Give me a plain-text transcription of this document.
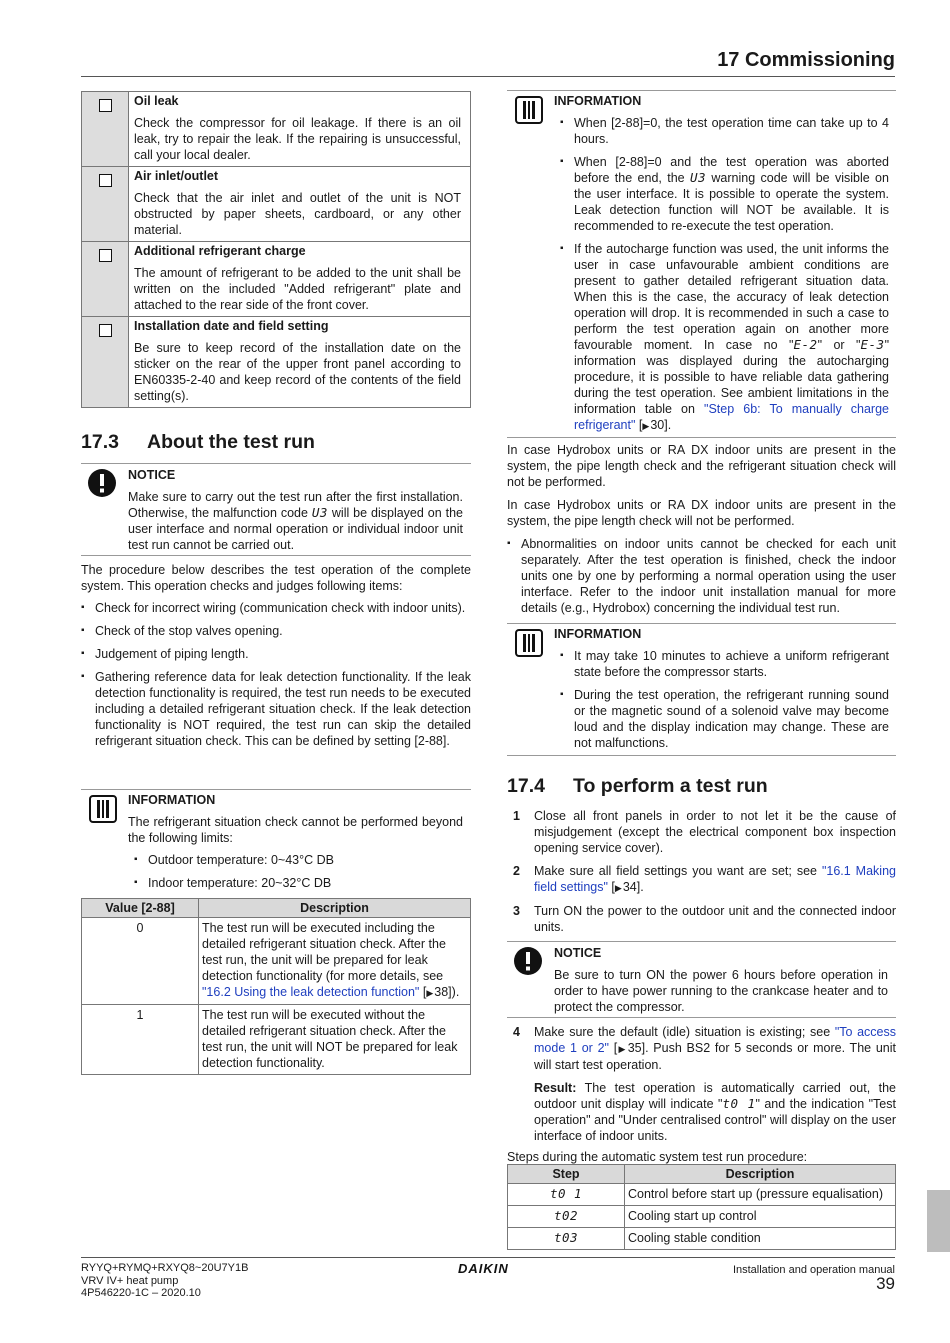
17 Commissioning

	Oil leak
Check the compressor for oil leakage. If there is an oil leak, try to repair the leak. If the repairing is unsuccessful, call your local dealer.

	Air inlet/outlet
Check that the air inlet and outlet of the unit is NOT obstructed by paper sheets, cardboard, or any other material.

	Additional refrigerant charge
The amount of refrigerant to be added to the unit shall be written on the included "Added refrigerant" plate and attached to the rear side of the front cover.

	Installation date and field setting
Be sure to keep record of the installation date on the sticker on the rear of the upper front panel according to EN60335-2-40 and keep record of the contents of the field setting(s).
17.3 About the test run
NOTICE

Make sure to carry out the test run after the first installation. Otherwise, the malfunction code U3 will be displayed on the user interface and normal operation or individual indoor unit test run cannot be carried out.

The procedure below describes the test operation of the complete system. This operation checks and judges following items:

▪ Check for incorrect wiring (communication check with indoor units).
▪ Check of the stop valves opening.
▪ Judgement of piping length.
▪ Gathering reference data for leak detection functionality. If the leak detection functionality is required, the test run needs to be executed including a detailed refrigerant situation check. If the leak detection functionality is NOT required, the test run can skip the detailed refrigerant situation check. This can be defined by setting [2-88].
INFORMATION

The refrigerant situation check cannot be performed beyond the following limits:

▪ Outdoor temperature: 0~43°C DB
▪ Indoor temperature: 20~32°C DB
Value [2-88]	Description
0	The test run will be executed including the detailed refrigerant situation check. After the test run, the unit will be prepared for leak detection functionality (for more details, see "16.2 Using the leak detection function" [▶ 38]).
1	The test run will be executed without the detailed refrigerant situation check. After the test run, the unit will NOT be prepared for leak detection functionality.
INFORMATION
▪ When [2-88]=0, the test operation time can take up to 4 hours.
▪ When [2-88]=0 and the test operation was aborted before the end, the U3 warning code will be visible on the user interface. It is possible to operate the system. Leak detection function will NOT be available. It is recommended to re-execute the test operation.
▪ If the autocharge function was used, the unit informs the user in case unfavourable ambient conditions are present to gather detailed refrigerant situation data. When this is the case, the accuracy of leak detection operation will drop. It is recommended in such a case to perform the test operation again on another more favourable moment. In case no "E-2" or "E-3" information was displayed during the autocharging procedure, it is possible to have reliable data gathering during the test operation. See ambient limitations in the information table on "Step 6b: To manually charge refrigerant" [▶ 30].

In case Hydrobox units or RA DX indoor units are present in the system, the pipe length check and the refrigerant situation check will not be performed.

In case Hydrobox units or RA DX indoor units are present in the system, the pipe length check will not be performed.

▪ Abnormalities on indoor units cannot be checked for each unit separately. After the test operation is finished, check the indoor units one by one by performing a normal operation using the user interface. Refer to the indoor unit installation manual for more details (e.g., Hydrobox) concerning the individual test run.
INFORMATION
▪ It may take 10 minutes to achieve a uniform refrigerant state before the compressor starts.
▪ During the test operation, the refrigerant running sound or the magnetic sound of a solenoid valve may become loud and the display indication may change. These are not malfunctions.
17.4 To perform a test run
1 Close all front panels in order to not let it be the cause of misjudgement (except the electrical component box inspection opening service cover).
2 Make sure all field settings you want are set; see "16.1 Making field settings" [▶ 34].
3 Turn ON the power to the outdoor unit and the connected indoor units.
NOTICE

Be sure to turn ON the power 6 hours before operation in order to have power running to the crankcase heater and to protect the compressor.

4 Make sure the default (idle) situation is existing; see "To access mode 1 or 2" [▶ 35]. Push BS2 for 5 seconds or more. The unit will start test operation.

Result: The test operation is automatically carried out, the outdoor unit display will indicate "t0 1" and the indication "Test operation" and "Under centralised control" will display on the user interface of indoor units.

Steps during the automatic system test run procedure:

Step	Description
t0 1	Control before start up (pressure equalisation)
t02	Cooling start up control
t03	Cooling stable condition
RYYQ+RYMQ+RXYQ8~20U7Y1B
VRV IV+ heat pump
4P546220-1C – 2020.10
DAIKIN	Installation and operation manual
39
